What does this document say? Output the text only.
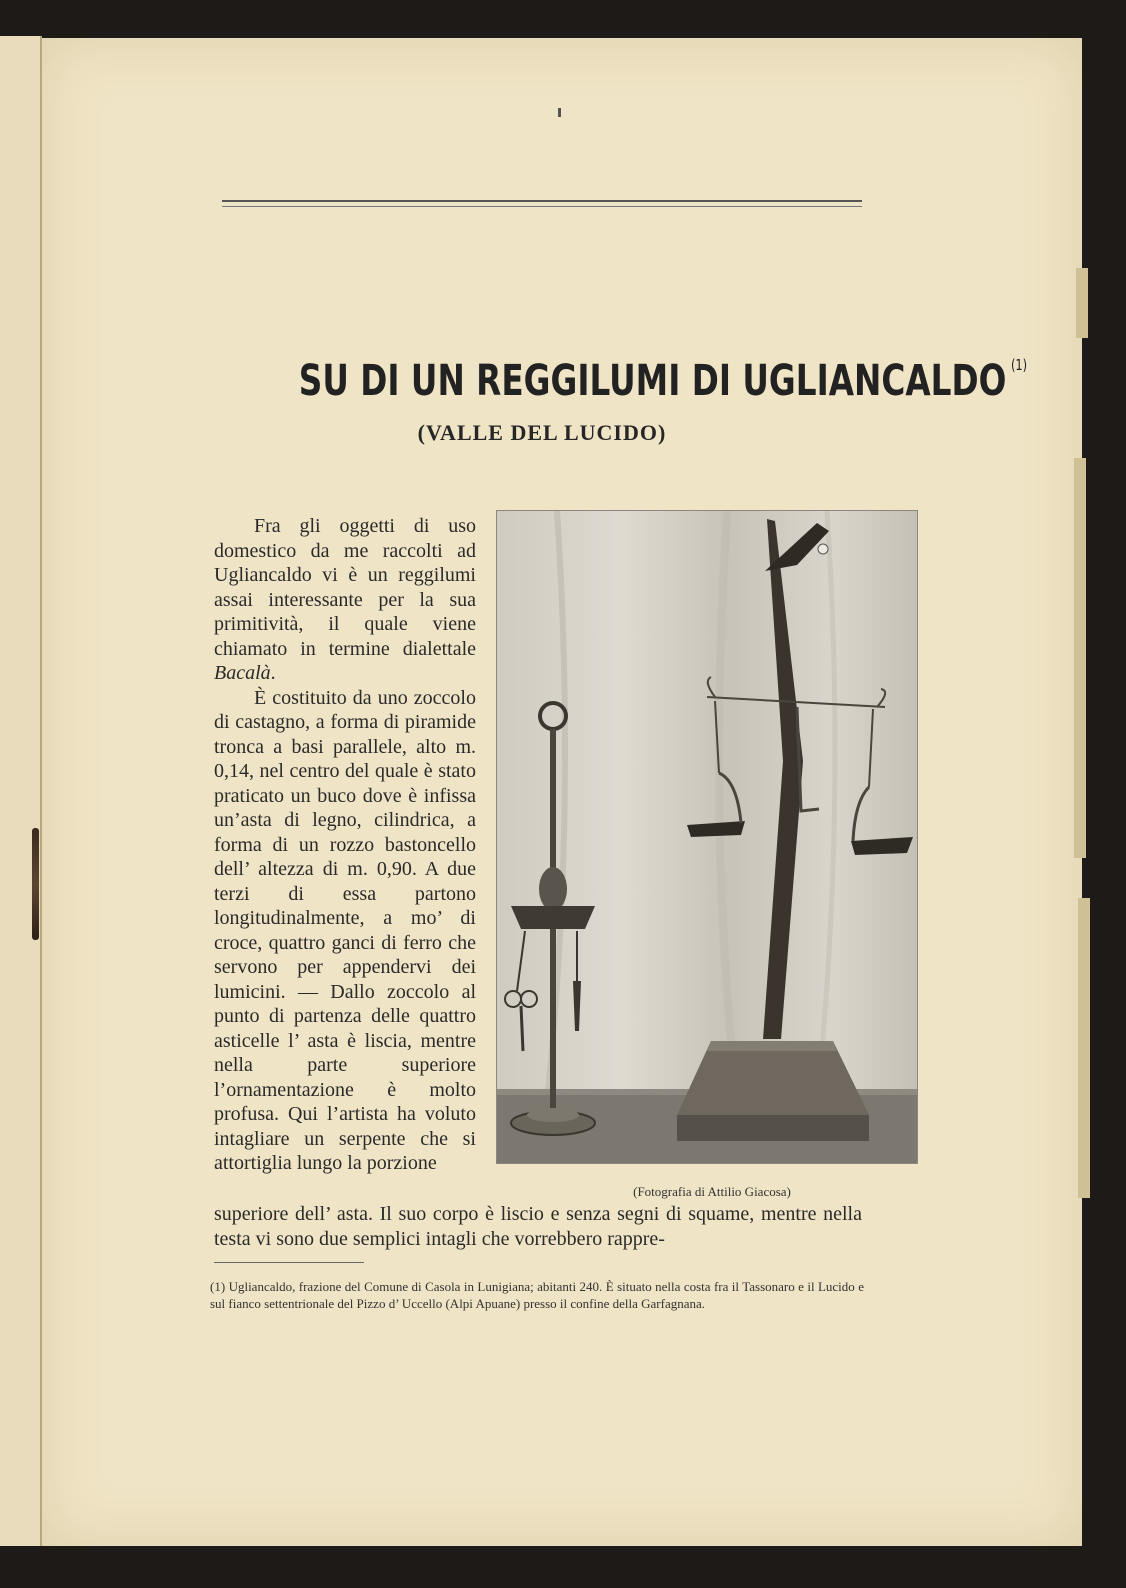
SU DI UN REGGILUMI DI UGLIANCALDO $^{(1)}$
(VALLE DEL LUCIDO)

Fra gli oggetti di uso domestico da me raccolti ad Ugliancaldo vi è un reggilumi assai interessante per la sua primitività, il quale viene chiamato in termine dialettale Bacalà.

È costituito da uno zoccolo di castagno, a forma di piramide tronca a basi parallele, alto m. 0,14, nel centro del quale è stato praticato un buco dove è infissa un’asta di legno, cilindrica, a forma di un rozzo bastoncello dell’ altezza di m. 0,90. A due terzi di essa partono longitudinalmente, a mo’ di croce, quattro ganci di ferro che servono per appendervi dei lumicini. — Dallo zoccolo al punto di partenza delle quattro asticelle l’ asta è liscia, mentre nella parte superiore l’ornamentazione è molto profusa. Qui l’artista ha voluto intagliare un serpente che si attortiglia lungo la porzione

(Fotografia di Attilio Giacosa)

superiore dell’ asta. Il suo corpo è liscio e senza segni di squame, mentre nella testa vi sono due semplici intagli che vorrebbero rappre-

(1) Ugliancaldo, frazione del Comune di Casola in Lunigiana; abitanti 240. È situato nella costa fra il Tassonaro e il Lucido e sul fianco settentrionale del Pizzo d’ Uccello (Alpi Apuane) presso il confine della Garfagnana.
